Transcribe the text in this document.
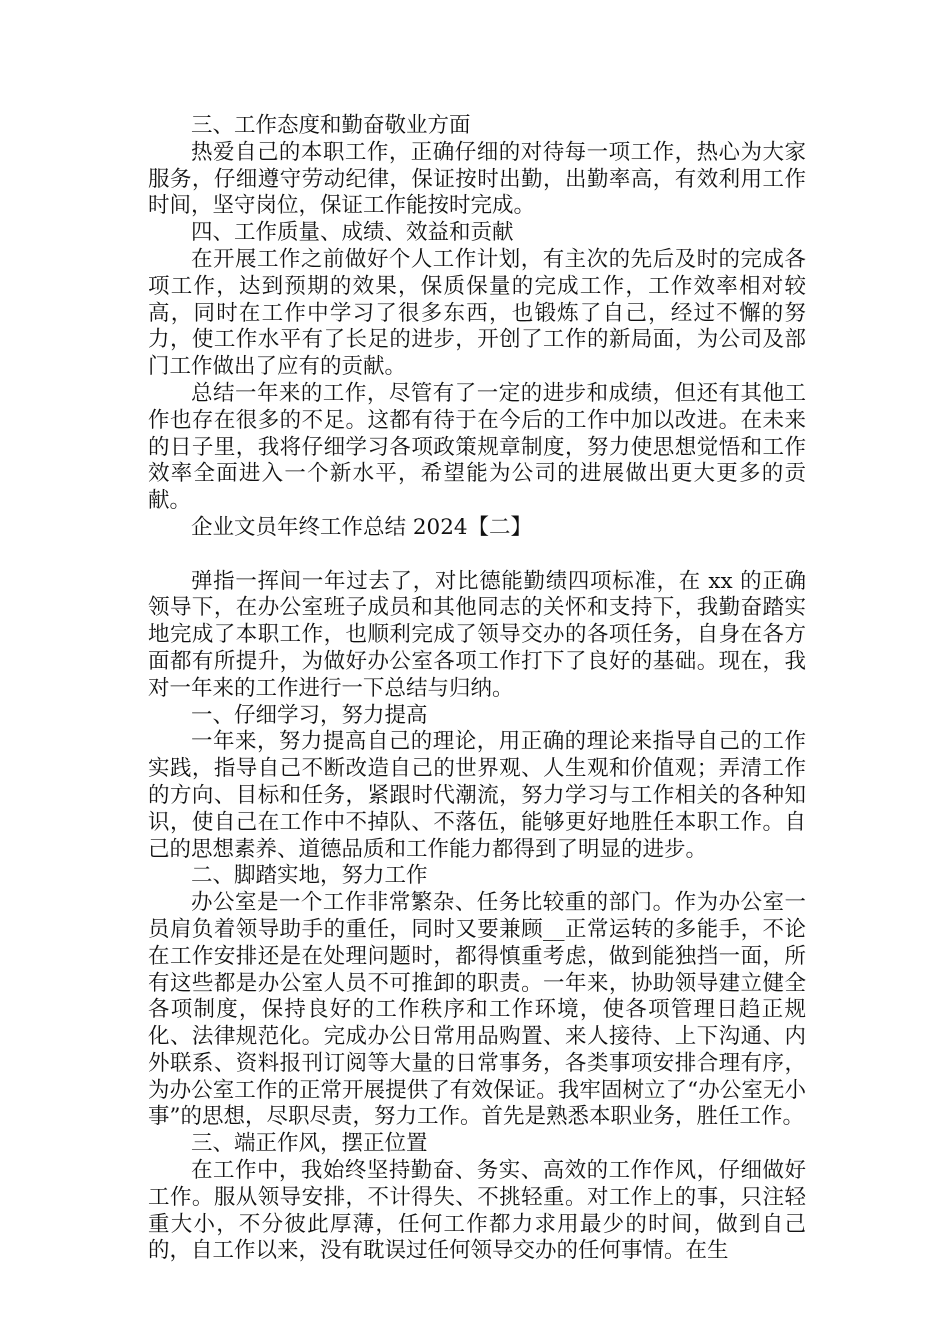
三、工作态度和勤奋敬业方面

热爱自己的本职工作，正确仔细的对待每一项工作，热心为大家服务，仔细遵守劳动纪律，保证按时出勤，出勤率高，有效利用工作时间，坚守岗位，保证工作能按时完成。

四、工作质量、成绩、效益和贡献

在开展工作之前做好个人工作计划，有主次的先后及时的完成各项工作，达到预期的效果，保质保量的完成工作，工作效率相对较高，同时在工作中学习了很多东西，也锻炼了自己，经过不懈的努力，使工作水平有了长足的进步，开创了工作的新局面，为公司及部门工作做出了应有的贡献。

总结一年来的工作，尽管有了一定的进步和成绩，但还有其他工作也存在很多的不足。这都有待于在今后的工作中加以改进。在未来的日子里，我将仔细学习各项政策规章制度，努力使思想觉悟和工作效率全面进入一个新水平，希望能为公司的进展做出更大更多的贡献。

企业文员年终工作总结 2024【二】

弹指一挥间一年过去了，对比德能勤绩四项标准，在 xx 的正确领导下，在办公室班子成员和其他同志的关怀和支持下，我勤奋踏实地完成了本职工作，也顺利完成了领导交办的各项任务，自身在各方面都有所提升，为做好办公室各项工作打下了良好的基础。现在，我对一年来的工作进行一下总结与归纳。

一、仔细学习，努力提高

一年来，努力提高自己的理论，用正确的理论来指导自己的工作实践，指导自己不断改造自己的世界观、人生观和价值观；弄清工作的方向、目标和任务，紧跟时代潮流，努力学习与工作相关的各种知识，使自己在工作中不掉队、不落伍，能够更好地胜任本职工作。自己的思想素养、道德品质和工作能力都得到了明显的进步。

二、脚踏实地，努力工作

办公室是一个工作非常繁杂、任务比较重的部门。作为办公室一员肩负着领导助手的重任，同时又要兼顾__正常运转的多能手，不论在工作安排还是在处理问题时，都得慎重考虑，做到能独挡一面，所有这些都是办公室人员不可推卸的职责。一年来，协助领导建立健全各项制度，保持良好的工作秩序和工作环境，使各项管理日趋正规化、法律规范化。完成办公日常用品购置、来人接待、上下沟通、内外联系、资料报刊订阅等大量的日常事务，各类事项安排合理有序，为办公室工作的正常开展提供了有效保证。我牢固树立了“办公室无小事”的思想，尽职尽责，努力工作。首先是熟悉本职业务，胜任工作。

三、端正作风，摆正位置

在工作中，我始终坚持勤奋、务实、高效的工作作风，仔细做好工作。服从领导安排，不计得失、不挑轻重。对工作上的事，只注轻重大小，不分彼此厚薄，任何工作都力求用最少的时间，做到自己的，自工作以来，没有耽误过任何领导交办的任何事情。在生
